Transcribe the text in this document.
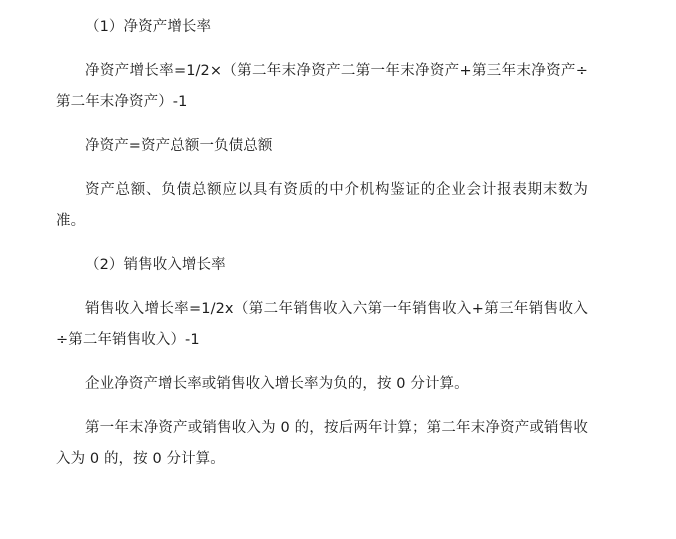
（1）净资产增长率

净资产增长率=1/2×（第二年末净资产二第一年末净资产+第三年末净资产÷第二年末净资产）-1

净资产=资产总额一负债总额

资产总额、负债总额应以具有资质的中介机构鉴证的企业会计报表期末数为准。

（2）销售收入增长率

销售收入增长率=1/2x（第二年销售收入六第一年销售收入+第三年销售收入÷第二年销售收入）-1

企业净资产增长率或销售收入增长率为负的，按 0 分计算。

第一年末净资产或销售收入为 0 的，按后两年计算；第二年末净资产或销售收入为 0 的，按 0 分计算。
